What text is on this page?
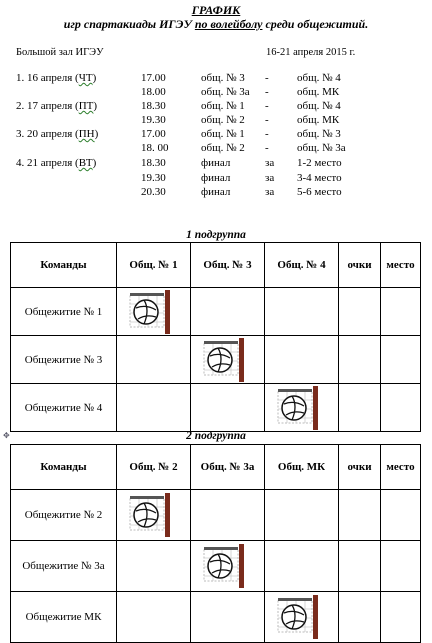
ГРАФИК
игр спартакиады ИГЭУ по волейболу среди общежитий.
Большой зал ИГЭУ	16-21 апреля 2015 г.
1. 16 апреля (ЧТ)	17.00	общ. № 3 -	общ. № 4
18.00	общ. № 3а -	общ. МК
2. 17 апреля (ПТ)	18.30	общ. № 1 -	общ. № 4
19.30	общ. № 2 -	общ. МК
3. 20 апреля (ПН)	17.00	общ. № 1 -	общ. № 3
18. 00	общ. № 2 -	общ. № 3а
4. 21 апреля (ВТ)	18.30	финал	за 1-2 место
19.30	финал	за 3-4 место
20.30	финал	за 5-6 место
1 подгруппа
Команды	Общ. № 1	Общ. № 3	Общ. № 4	очки	место
Общежитие № 1	

Общежитие № 3		

Общежитие № 4			

✥	2 подгруппа
Команды	Общ. № 2	Общ. № 3а	Общ. МК	очки	место
Общежитие № 2	

Общежитие № 3а		

Общежитие МК			
